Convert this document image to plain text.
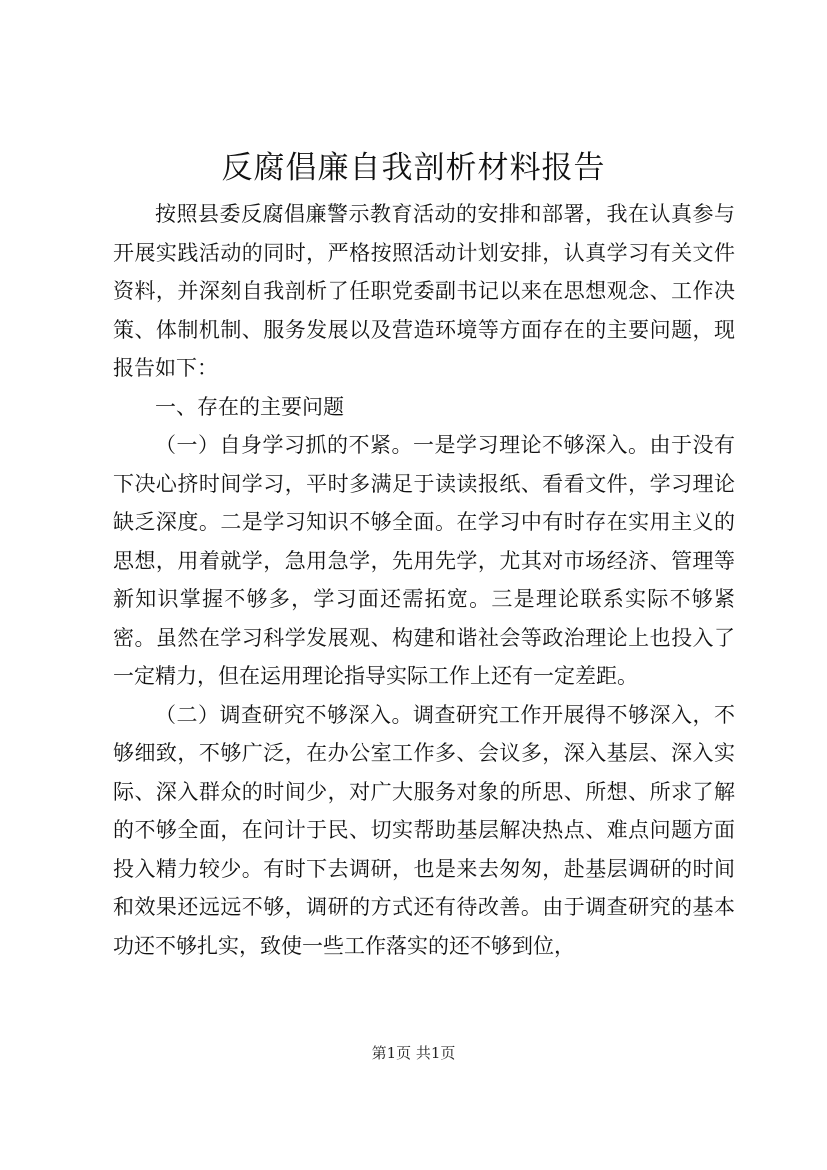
反腐倡廉自我剖析材料报告

按照县委反腐倡廉警示教育活动的安排和部署，我在认真参与开展实践活动的同时，严格按照活动计划安排，认真学习有关文件资料，并深刻自我剖析了任职党委副书记以来在思想观念、工作决策、体制机制、服务发展以及营造环境等方面存在的主要问题，现报告如下：

一、存在的主要问题

（一）自身学习抓的不紧。一是学习理论不够深入。由于没有下决心挤时间学习，平时多满足于读读报纸、看看文件，学习理论缺乏深度。二是学习知识不够全面。在学习中有时存在实用主义的思想，用着就学，急用急学，先用先学，尤其对市场经济、管理等新知识掌握不够多，学习面还需拓宽。三是理论联系实际不够紧密。虽然在学习科学发展观、构建和谐社会等政治理论上也投入了一定精力，但在运用理论指导实际工作上还有一定差距。

（二）调查研究不够深入。调查研究工作开展得不够深入，不够细致，不够广泛，在办公室工作多、会议多，深入基层、深入实际、深入群众的时间少，对广大服务对象的所思、所想、所求了解的不够全面，在问计于民、切实帮助基层解决热点、难点问题方面投入精力较少。有时下去调研，也是来去匆匆，赴基层调研的时间和效果还远远不够，调研的方式还有待改善。由于调查研究的基本功还不够扎实，致使一些工作落实的还不够到位，

第1页 共1页
